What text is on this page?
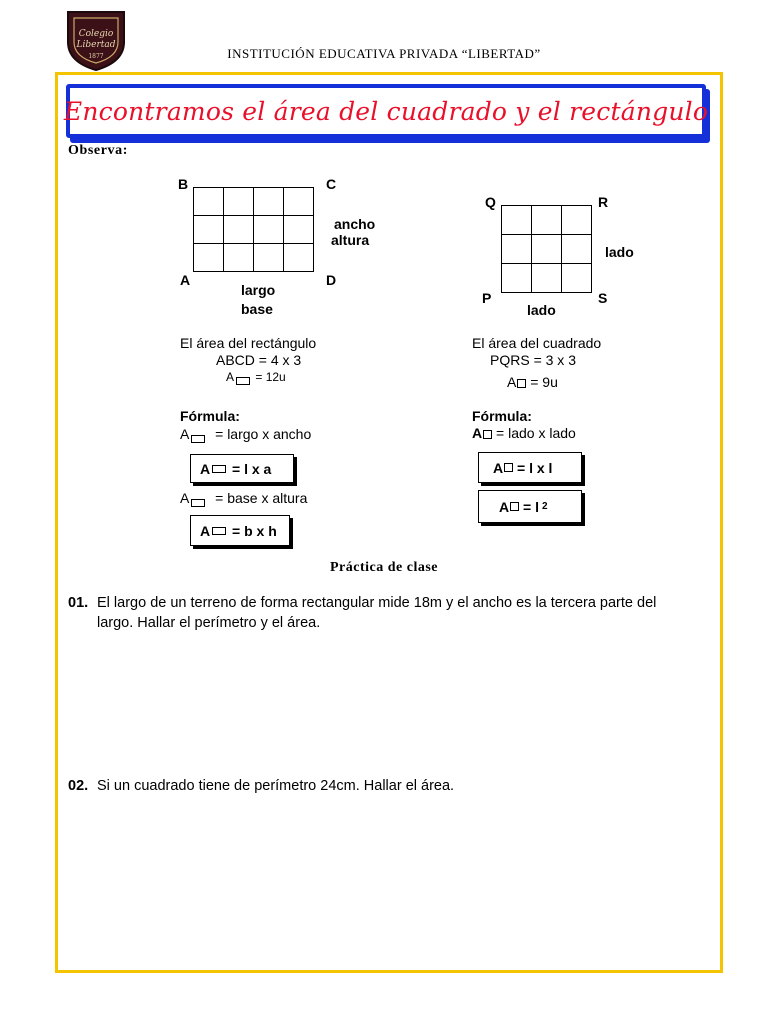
Colegio
Libertad
1877	INSTITUCIÓN EDUCATIVA PRIVADA “LIBERTAD”
Encontramos el área del cuadrado y el rectángulo
Observa:
B	C

ancho
altura
A	D
largo
base
Q	R

lado
P	S
lado
El área del rectángulo
ABCD = 4 x 3
A = 12u
Fórmula:
A = largo x ancho
A
= l x a
A = base x altura
A
= b x h
El área del cuadrado
PQRS = 3 x 3
A = 9u
Fórmula:
A = lado x lado
A
= l x l
A
= l 2
Práctica de clase
01. El largo de un terreno de forma rectangular mide 18m y el ancho es la tercera parte del
largo. Hallar el perímetro y el área.
02. Si un cuadrado tiene de perímetro 24cm. Hallar el área.
